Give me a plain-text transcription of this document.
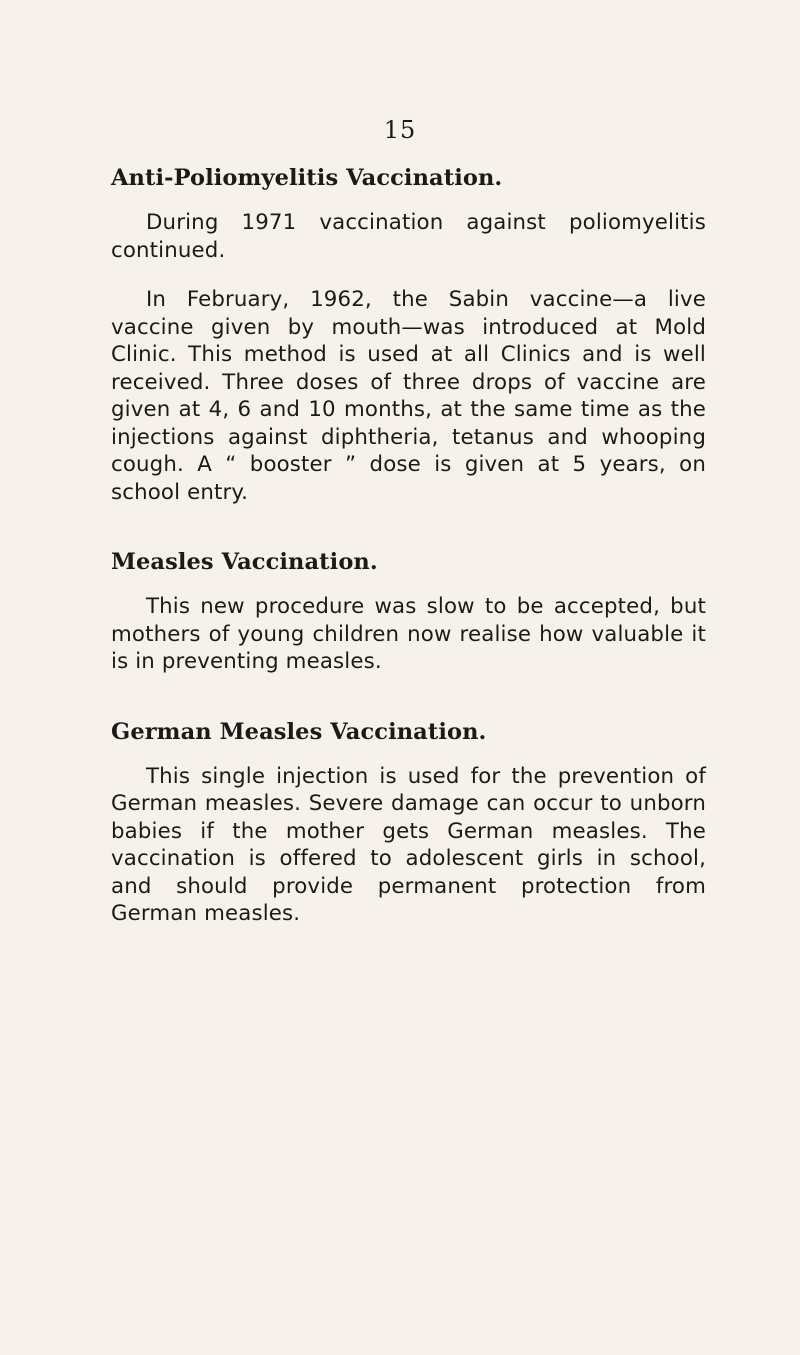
15
Anti-Poliomyelitis Vaccination.

During 1971 vaccination against poliomyelitis continued.

In February, 1962, the Sabin vaccine—a live vaccine given by mouth—was introduced at Mold Clinic. This method is used at all Clinics and is well received. Three doses of three drops of vaccine are given at 4, 6 and 10 months, at the same time as the injections against diphtheria, tetanus and whooping cough. A “ booster ” dose is given at 5 years, on school entry.

Measles Vaccination.

This new procedure was slow to be accepted, but mothers of young children now realise how valuable it is in preventing measles.

German Measles Vaccination.

This single injection is used for the prevention of German measles. Severe damage can occur to unborn babies if the mother gets German measles. The vaccination is offered to adolescent girls in school, and should provide permanent protection from German measles.
